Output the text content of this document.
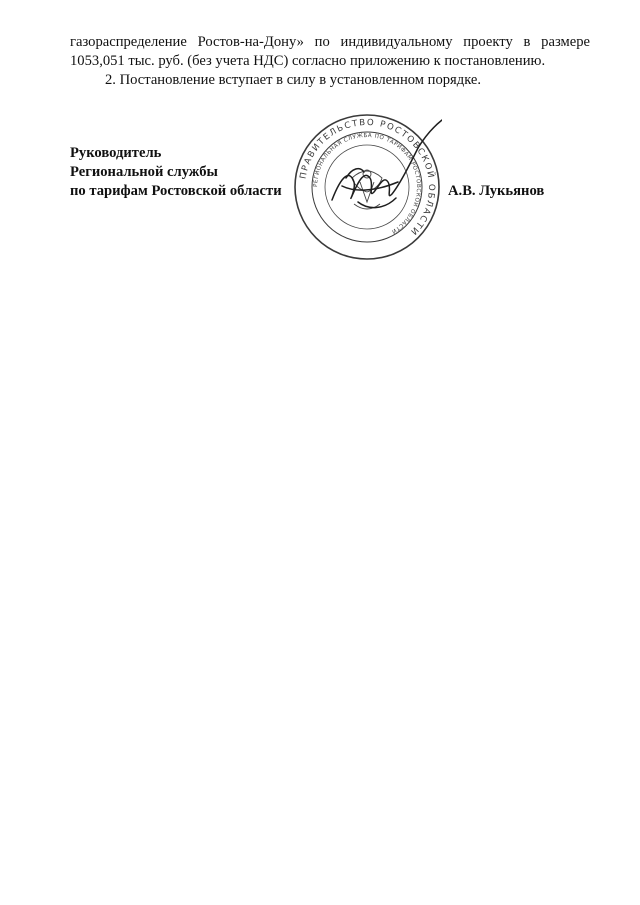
газораспределение Ростов-на-Дону» по индивидуальному проекту в размере 1053,051 тыс. руб. (без учета НДС) согласно приложению к постановлению.

2. Постановление вступает в силу в установленном порядке.

Руководитель
Региональной службы
по тарифам Ростовской области
ПРАВИТЕЛЬСТВО РОСТОВСКОЙ ОБЛАСТИ
РЕГИОНАЛЬНАЯ СЛУЖБА ПО ТАРИФАМ РОСТОВСКОЙ ОБЛАСТИ
А.В. Лукьянов
